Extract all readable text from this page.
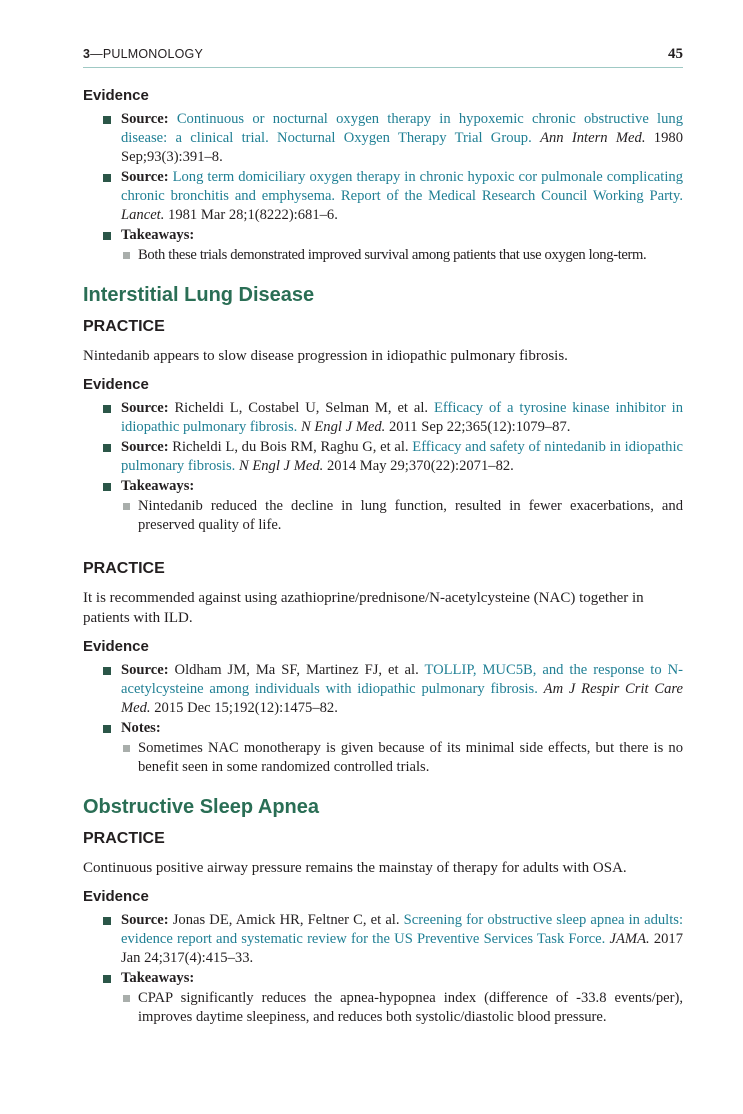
3—PULMONOLOGY	45
Evidence
Source: Continuous or nocturnal oxygen therapy in hypoxemic chronic obstructive lung disease: a clinical trial. Nocturnal Oxygen Therapy Trial Group. Ann Intern Med. 1980 Sep;93(3):391–8.
Source: Long term domiciliary oxygen therapy in chronic hypoxic cor pulmonale complicating chronic bronchitis and emphysema. Report of the Medical Research Council Working Party. Lancet. 1981 Mar 28;1(8222):681–6.
Takeaways:
Both these trials demonstrated improved survival among patients that use oxygen long-term.
Interstitial Lung Disease
PRACTICE

Nintedanib appears to slow disease progression in idiopathic pulmonary fibrosis.

Evidence
Source: Richeldi L, Costabel U, Selman M, et al. Efficacy of a tyrosine kinase inhibitor in idiopathic pulmonary fibrosis. N Engl J Med. 2011 Sep 22;365(12):1079–87.
Source: Richeldi L, du Bois RM, Raghu G, et al. Efficacy and safety of nintedanib in idiopathic pulmonary fibrosis. N Engl J Med. 2014 May 29;370(22):2071–82.
Takeaways:
Nintedanib reduced the decline in lung function, resulted in fewer exacerbations, and preserved quality of life.
PRACTICE

It is recommended against using azathioprine/prednisone/N-acetylcysteine (NAC) together in patients with ILD.

Evidence
Source: Oldham JM, Ma SF, Martinez FJ, et al. TOLLIP, MUC5B, and the response to N-acetylcysteine among individuals with idiopathic pulmonary fibrosis. Am J Respir Crit Care Med. 2015 Dec 15;192(12):1475–82.
Notes:
Sometimes NAC monotherapy is given because of its minimal side effects, but there is no benefit seen in some randomized controlled trials.
Obstructive Sleep Apnea
PRACTICE

Continuous positive airway pressure remains the mainstay of therapy for adults with OSA.

Evidence
Source: Jonas DE, Amick HR, Feltner C, et al. Screening for obstructive sleep apnea in adults: evidence report and systematic review for the US Preventive Services Task Force. JAMA. 2017 Jan 24;317(4):415–33.
Takeaways:
CPAP significantly reduces the apnea-hypopnea index (difference of -33.8 events/per), improves daytime sleepiness, and reduces both systolic/diastolic blood pressure.
